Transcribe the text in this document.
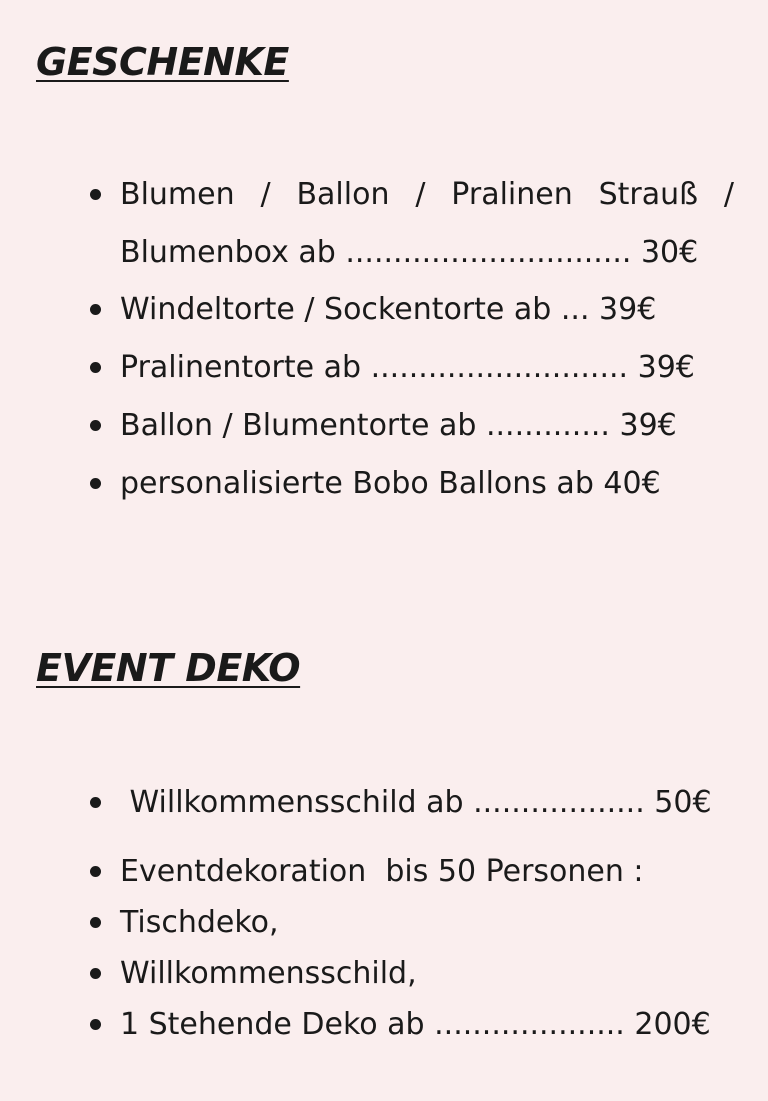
GESCHENKE
Blumen / Ballon / Pralinen Strauß /
Blumenbox ab .............................. 30€
Windeltorte / Sockentorte ab ... 39€
Pralinentorte ab ........................... 39€
Ballon / Blumentorte ab ............. 39€
personalisierte Bobo Ballons ab 40€
EVENT DEKO
Willkommensschild ab .................. 50€
Eventdekoration  bis 50 Personen :
Tischdeko,
Willkommensschild,
1 Stehende Deko ab .................... 200€
